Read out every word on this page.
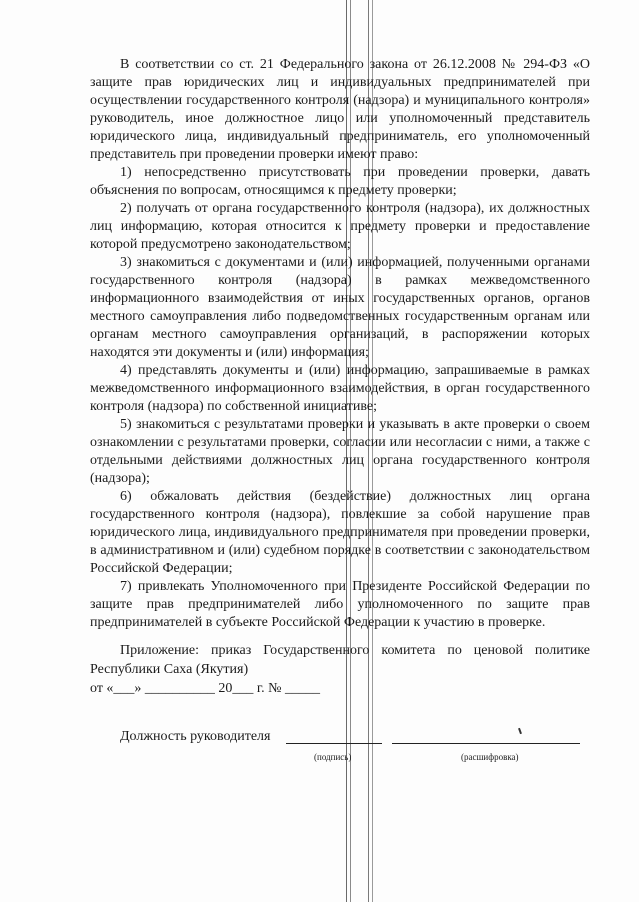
В соответствии со ст. 21 Федерального закона от 26.12.2008 № 294-ФЗ «О защите прав юридических лиц и индивидуальных предпринимателей при осуществлении государственного контроля (надзора) и муниципального контроля» руководитель, иное должностное лицо или уполномоченный представитель юридического лица, индивидуальный предприниматель, его уполномоченный представитель при проведении проверки имеют право:

1) непосредственно присутствовать при проведении проверки, давать объяснения по вопросам, относящимся к предмету проверки;

2) получать от органа государственного контроля (надзора), их должностных лиц информацию, которая относится к предмету проверки и предоставление которой предусмотрено законодательством;

3) знакомиться с документами и (или) информацией, полученными органами государственного контроля (надзора) в рамках межведомственного информационного взаимодействия от иных государственных органов, органов местного самоуправления либо подведомственных государственным органам или органам местного самоуправления организаций, в распоряжении которых находятся эти документы и (или) информация;

4) представлять документы и (или) информацию, запрашиваемые в рамках межведомственного информационного взаимодействия, в орган государственного контроля (надзора) по собственной инициативе;

5) знакомиться с результатами проверки и указывать в акте проверки о своем ознакомлении с результатами проверки, согласии или несогласии с ними, а также с отдельными действиями должностных лиц органа государственного контроля (надзора);

6) обжаловать действия (бездействие) должностных лиц органа государственного контроля (надзора), повлекшие за собой нарушение прав юридического лица, индивидуального предпринимателя при проведении проверки, в административном и (или) судебном порядке в соответствии с законодательством Российской Федерации;

7) привлекать Уполномоченного при Президенте Российской Федерации по защите прав предпринимателей либо уполномоченного по защите прав предпринимателей в субъекте Российской Федерации к участию в проверке.

Приложение: приказ Государственного комитета по ценовой политике Республики Саха (Якутия)

от «___» __________ 20___ г. № _____

Должность руководителя
(подпись)	(расшифровка)
